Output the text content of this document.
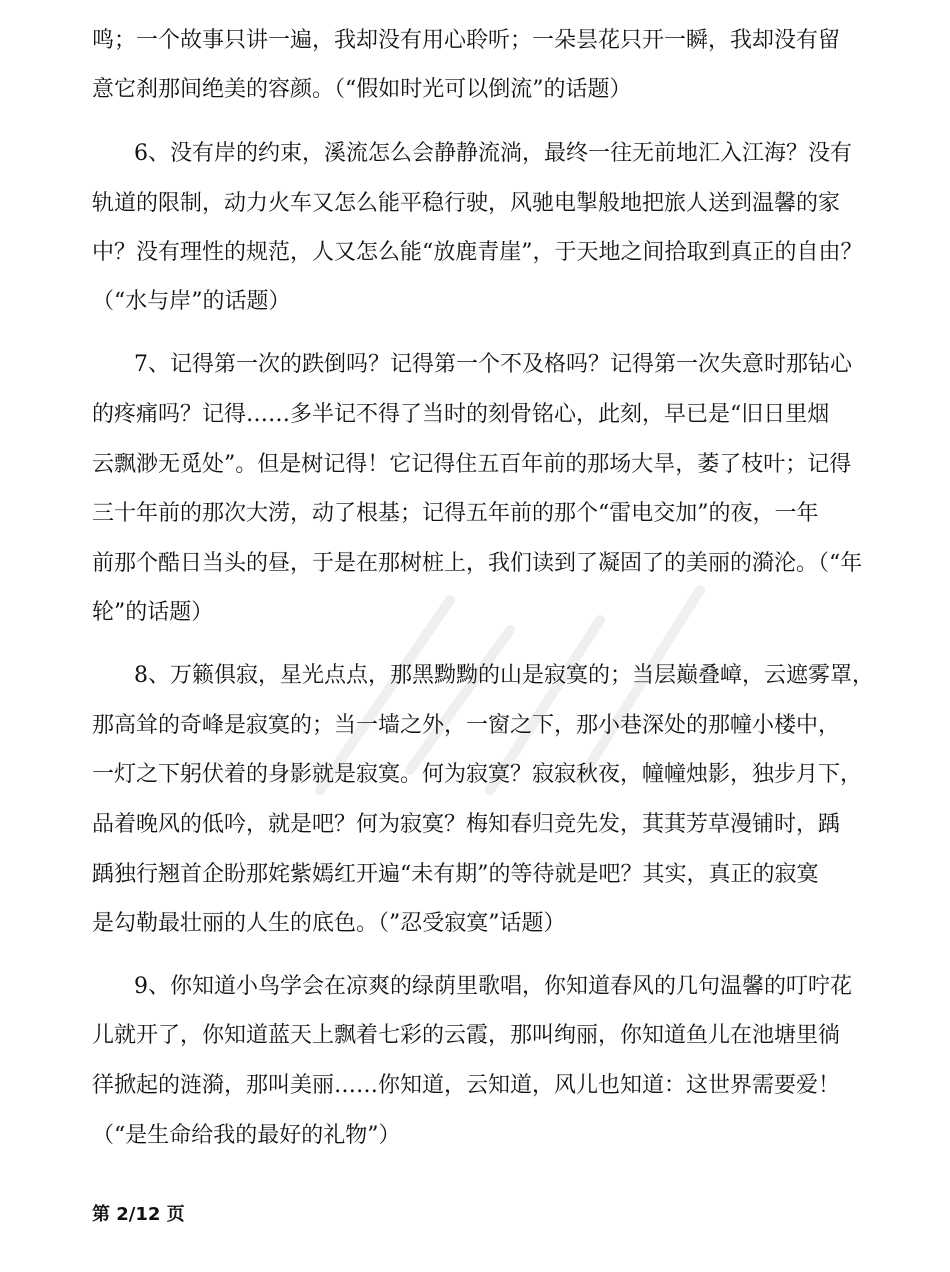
鸣；一个故事只讲一遍，我却没有用心聆听；一朵昙花只开一瞬，我却没有留
意它刹那间绝美的容颜。（“假如时光可以倒流”的话题）
6、没有岸的约束，溪流怎么会静静流淌，最终一往无前地汇入江海？没有
轨道的限制，动力火车又怎么能平稳行驶，风驰电掣般地把旅人送到温馨的家
中？没有理性的规范，人又怎么能“放鹿青崖”，于天地之间拾取到真正的自由？
（“水与岸”的话题）
7、记得第一次的跌倒吗？记得第一个不及格吗？记得第一次失意时那钻心
的疼痛吗？记得……多半记不得了当时的刻骨铭心，此刻，早已是“旧日里烟
云飘渺无觅处”。但是树记得！它记得住五百年前的那场大旱，萎了枝叶；记得
三十年前的那次大涝，动了根基；记得五年前的那个“雷电交加”的夜，一年
前那个酷日当头的昼，于是在那树桩上，我们读到了凝固了的美丽的漪沦。（“年
轮”的话题）
8、万籁俱寂，星光点点，那黑黝黝的山是寂寞的；当层巅叠嶂，云遮雾罩，
那高耸的奇峰是寂寞的；当一墙之外，一窗之下，那小巷深处的那幢小楼中，
一灯之下躬伏着的身影就是寂寞。何为寂寞？寂寂秋夜，幢幢烛影，独步月下，
品着晚风的低吟，就是吧？何为寂寞？梅知春归竞先发，萁萁芳草漫铺时，踽
踽独行翘首企盼那姹紫嫣红开遍“未有期”的等待就是吧？其实，真正的寂寞
是勾勒最壮丽的人生的底色。（”忍受寂寞”话题）
9、你知道小鸟学会在凉爽的绿荫里歌唱，你知道春风的几句温馨的叮咛花
儿就开了，你知道蓝天上飘着七彩的云霞，那叫绚丽，你知道鱼儿在池塘里徜
徉掀起的涟漪，那叫美丽……你知道，云知道，风儿也知道：这世界需要爱！
（“是生命给我的最好的礼物”）
第 2/12 页
